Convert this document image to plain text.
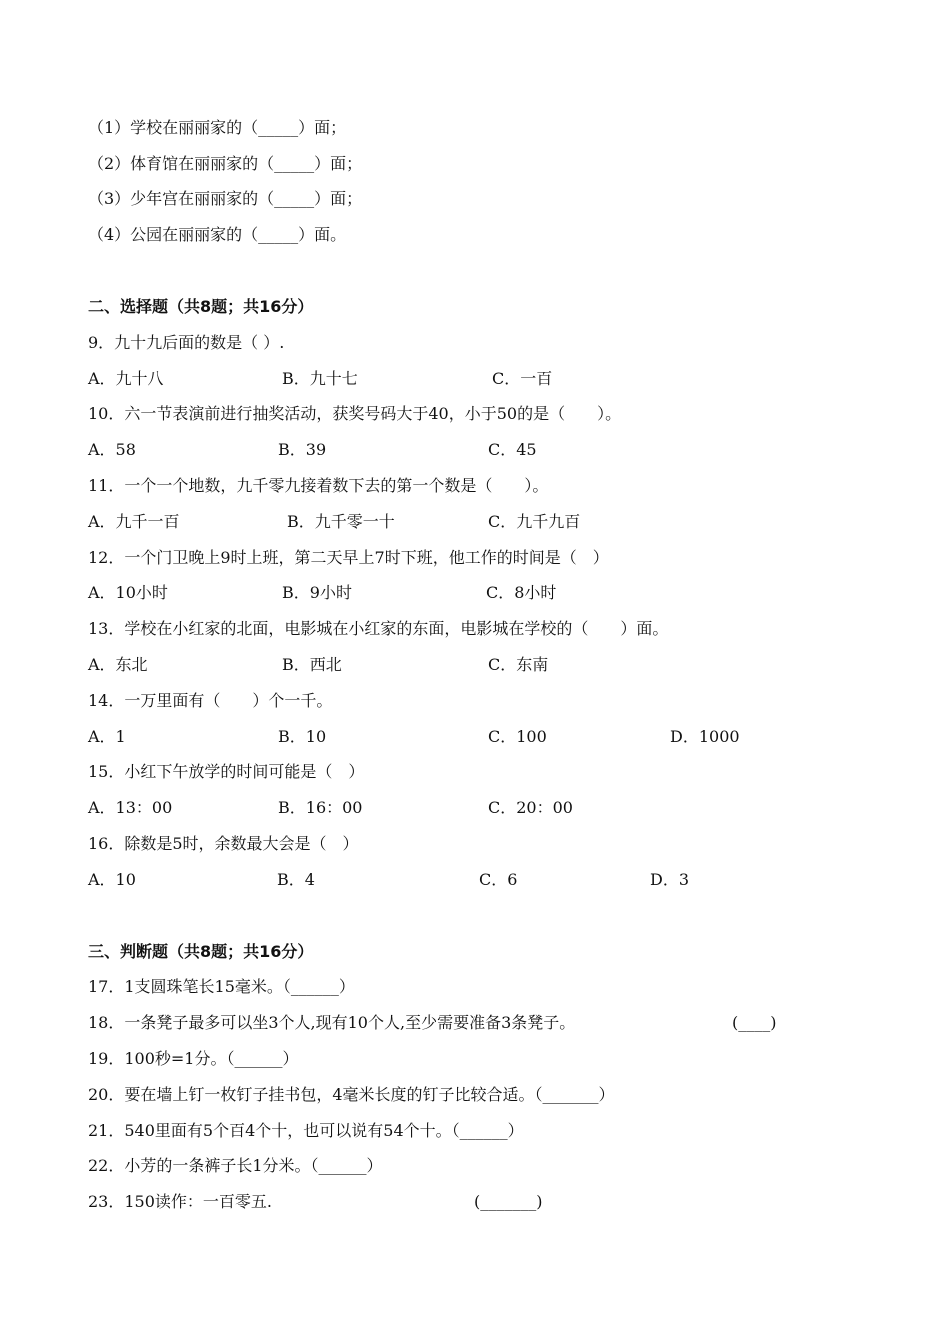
（1）学校在丽丽家的（_____）面；
（2）体育馆在丽丽家的（_____）面；
（3）少年宫在丽丽家的（_____）面；
（4）公园在丽丽家的（_____）面。
二、选择题（共8题；共16分）
9．九十九后面的数是（ ）.
A．九十八	B．九十七	C．一百
10．六一节表演前进行抽奖活动，获奖号码大于40，小于50的是（　　）。
A．58	B．39	C．45
11．一个一个地数，九千零九接着数下去的第一个数是（　　）。
A．九千一百	B．九千零一十	C．九千九百
12．一个门卫晚上9时上班，第二天早上7时下班，他工作的时间是（　）
A．10小时	B．9小时	C．8小时
13．学校在小红家的北面，电影城在小红家的东面，电影城在学校的（　　）面。
A．东北	B．西北	C．东南
14．一万里面有（　　）个一千。
A．1	B．10	C．100	D．1000
15．小红下午放学的时间可能是（　）
A．13：00	B．16：00	C．20：00
16．除数是5时，余数最大会是（　）
A．10	B．4	C．6	D．3
三、判断题（共8题；共16分）
17．1支圆珠笔长15毫米。（______）
18．一条凳子最多可以坐3个人,现有10个人,至少需要准备3条凳子。	(____)
19．100秒=1分。（______）
20．要在墙上钉一枚钉子挂书包，4毫米长度的钉子比较合适。（_______）
21．540里面有5个百4个十，也可以说有54个十。（______）
22．小芳的一条裤子长1分米。（______）
23．150读作：一百零五.	(_______)
